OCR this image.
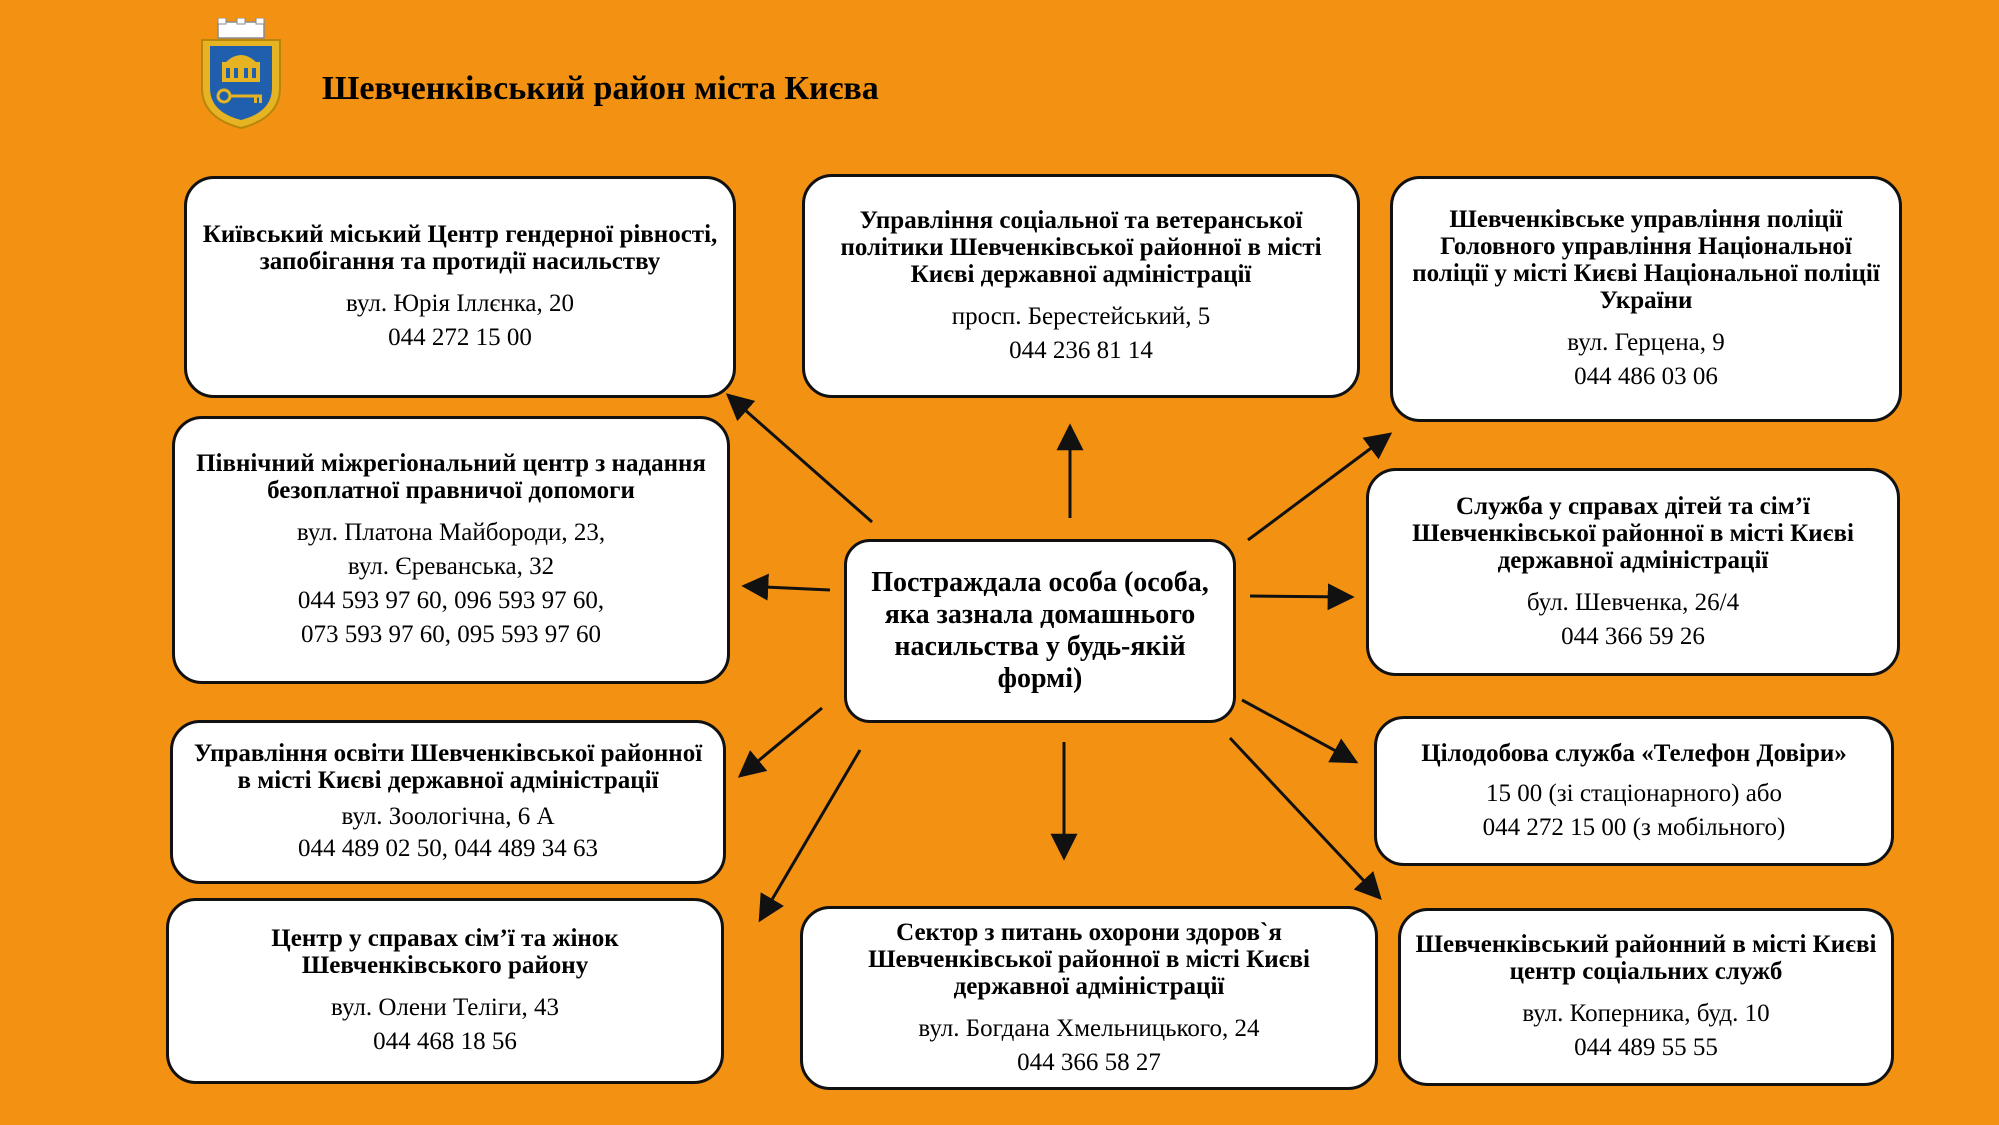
Шевченківський район міста Києва

Постраждала особа (особа, яка зазнала домашнього насильства у будь-якій формі)

Київський міський Центр гендерної рівності, запобігання та протидії насильству

вул. Юрія Іллєнка, 20

044 272 15 00

Північний міжрегіональний центр з надання безоплатної правничої допомоги

вул. Платона Майбороди, 23,

вул. Єреванська, 32

044 593 97 60, 096 593 97 60,

073 593 97 60, 095 593 97 60

Управління освіти Шевченківської районної в місті Києві державної адміністрації

вул. Зоологічна, 6 А

044 489 02 50, 044 489 34 63

Центр у справах сім’ї та жінок Шевченківського району

вул. Олени Теліги, 43

044 468 18 56

Управління соціальної та ветеранської політики Шевченківської районної в місті Києві державної адміністрації

просп. Берестейський, 5

044 236 81 14

Сектор з питань охорони здоров`я Шевченківської районної в місті Києві державної адміністрації

вул. Богдана Хмельницького, 24

044 366 58 27

Шевченківське управління поліції Головного управління Національної поліції у місті Києві Національної поліції України

вул. Герцена, 9

044 486 03 06

Служба у справах дітей та сім’ї Шевченківської районної в місті Києві державної адміністрації

бул. Шевченка, 26/4

044 366 59 26

Цілодобова служба «Телефон Довіри»

15 00 (зі стаціонарного) або

044 272 15 00 (з мобільного)

Шевченківський районний в місті Києві центр соціальних служб

вул. Коперника, буд. 10

044 489 55 55
